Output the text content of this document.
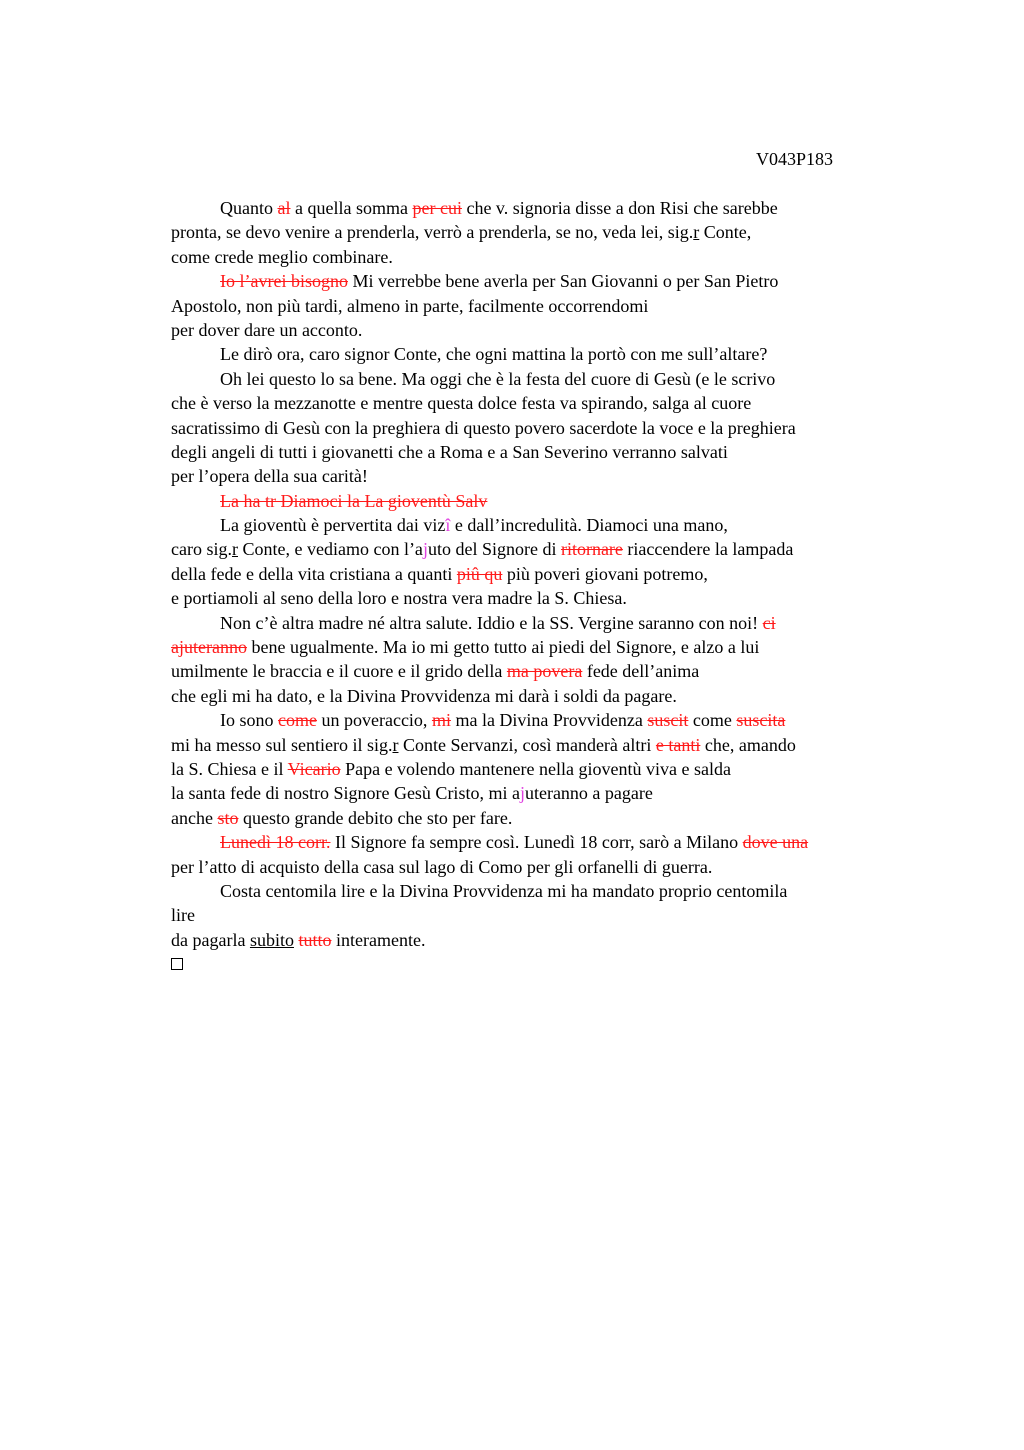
V043P183
Quanto al a quella somma per cui che v. signoria disse a don Risi che sarebbe
pronta, se devo venire a prenderla, verrò a prenderla, se no, veda lei, sig.r Conte,
come crede meglio combinare.
Io l’avrei bisogno Mi verrebbe bene averla per San Giovanni o per San Pietro
Apostolo, non più tardi, almeno in parte, facilmente occorrendomi
per dover dare un acconto.
Le dirò ora, caro signor Conte, che ogni mattina la portò con me sull’altare?
Oh lei questo lo sa bene. Ma oggi che è la festa del cuore di Gesù (e le scrivo
che è verso la mezzanotte e mentre questa dolce festa va spirando, salga al cuore
sacratissimo di Gesù con la preghiera di questo povero sacerdote la voce e la preghiera
degli angeli di tutti i giovanetti che a Roma e a San Severino verranno salvati
per l’opera della sua carità!
La ha tr Diamoci la La gioventù Salv
La gioventù è pervertita dai vizî e dall’incredulità. Diamoci una mano,
caro sig.r Conte, e vediamo con l’ajuto del Signore di ritornare riaccendere la lampada
della fede e della vita cristiana a quanti piû qu più poveri giovani potremo,
e portiamoli al seno della loro e nostra vera madre la S. Chiesa.
Non c’è altra madre né altra salute. Iddio e la SS. Vergine saranno con noi! ci
ajuteranno bene ugualmente. Ma io mi getto tutto ai piedi del Signore, e alzo a lui
umilmente le braccia e il cuore e il grido della ma povera fede dell’anima
che egli mi ha dato, e la Divina Provvidenza mi darà i soldi da pagare.
Io sono come un poveraccio, mi ma la Divina Provvidenza suscit come suscita
mi ha messo sul sentiero il sig.r Conte Servanzi, così manderà altri e tanti che, amando
la S. Chiesa e il Vicario Papa e volendo mantenere nella gioventù viva e salda
la santa fede di nostro Signore Gesù Cristo, mi ajuteranno a pagare
anche sto questo grande debito che sto per fare.
Lunedì 18 corr. Il Signore fa sempre così. Lunedì 18 corr, sarò a Milano dove una
per l’atto di acquisto della casa sul lago di Como per gli orfanelli di guerra.
Costa centomila lire e la Divina Provvidenza mi ha mandato proprio centomila
lire
da pagarla subito tutto interamente.
